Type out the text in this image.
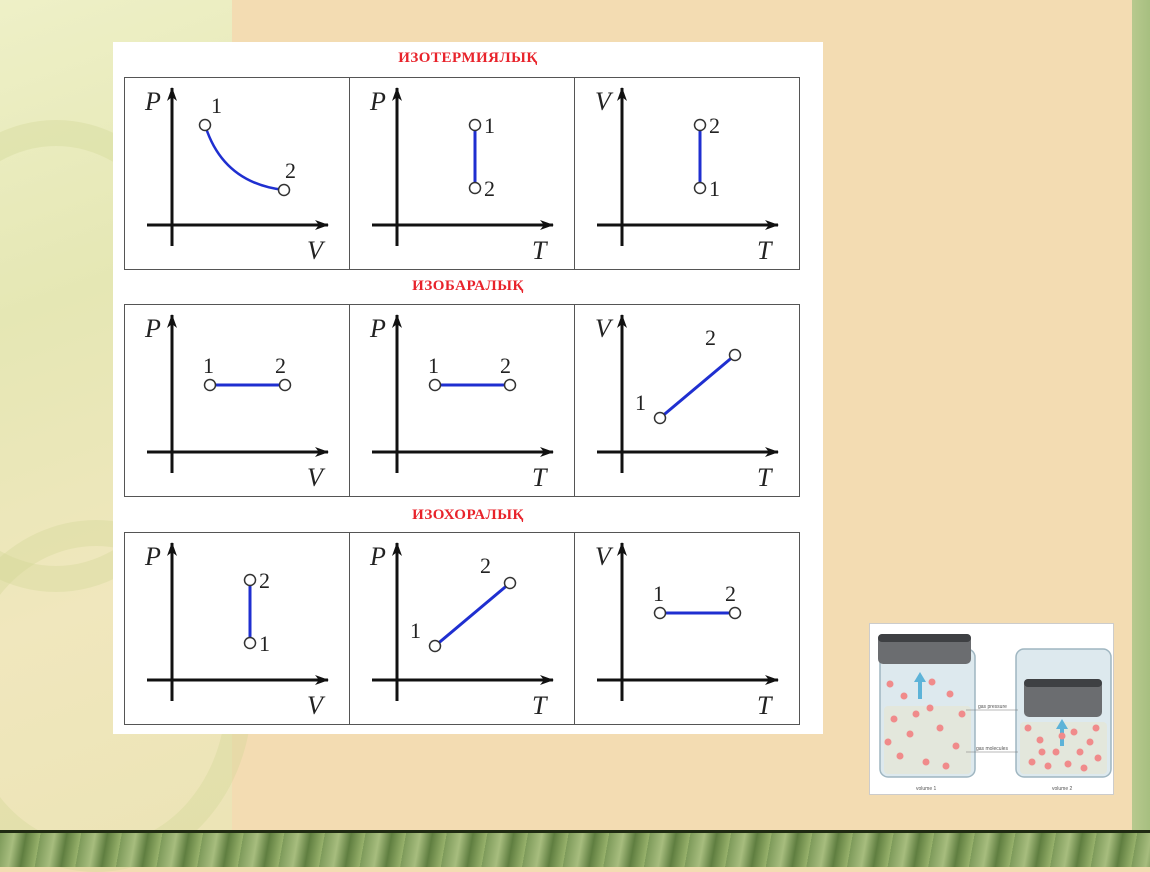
ИЗОТЕРМИЯЛЫҚ
P
V
1
2
P
T
1
2
V
T
2
1
ИЗОБАРАЛЫҚ
P
V
1	2
P
T
1	2
V
T
1
2
ИЗОХОРАЛЫҚ
P
V
2
1
P
T
1
2	V
T
1	2
gas pressure
gas molecules
volume 1	volume 2
